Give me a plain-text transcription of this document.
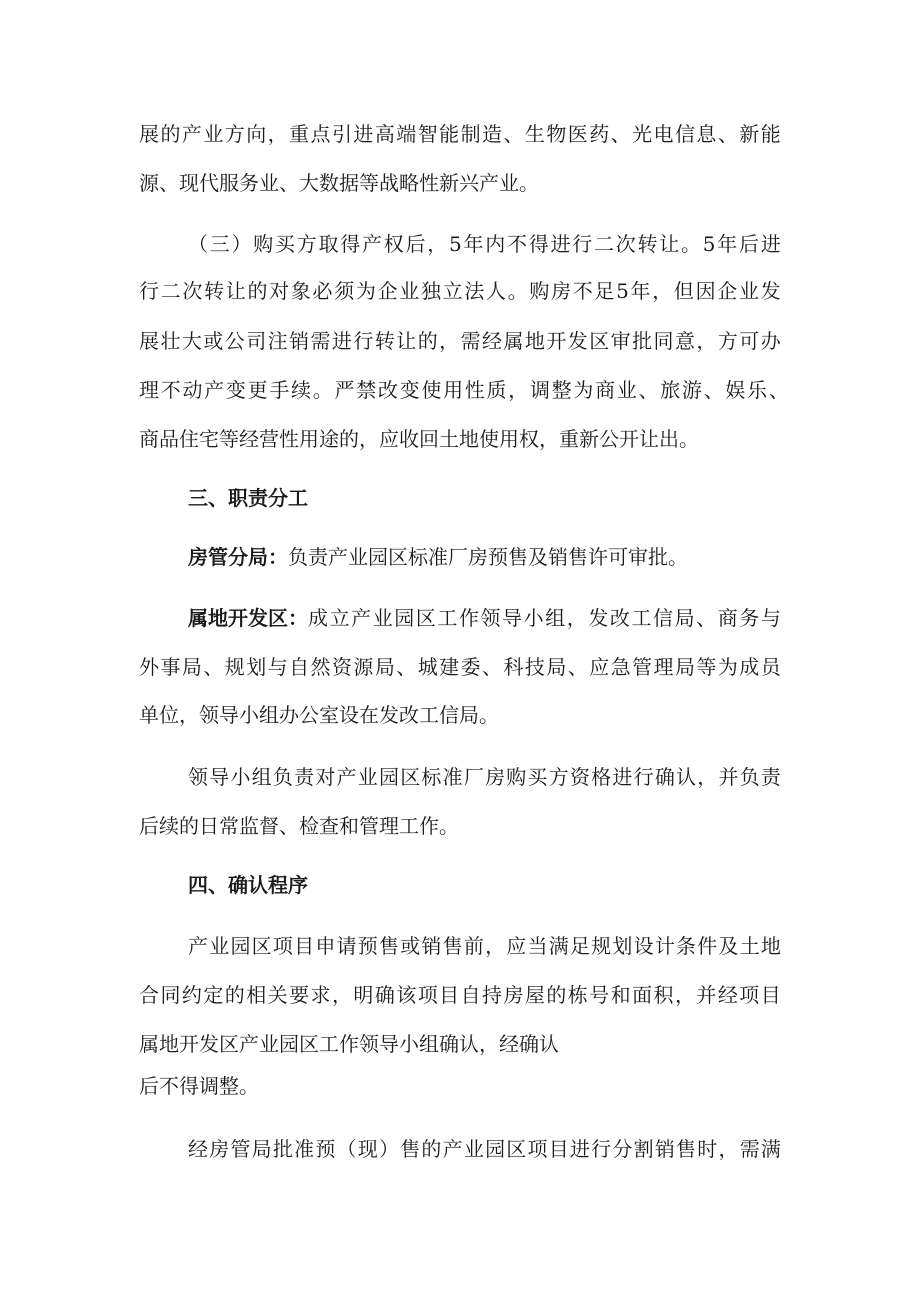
展 的 产 业 方 向 ， 重 点 引 进 高 端 智 能 制 造 、 生 物 医 药 、 光 电 信 息 、 新 能
源、现代服务业、大数据等战略性新兴产业。
（ 三 ） 购 买 方 取 得 产 权 后 ， 5 年 内 不 得 进 行 二 次 转 让 。 5 年 后 进
行 二 次 转 让 的 对 象 必 须 为 企 业 独 立 法 人 。 购 房 不 足 5 年 ， 但 因 企 业 发
展 壮 大 或 公 司 注 销 需 进 行 转 让 的 ， 需 经 属 地 开 发 区 审 批 同 意 ， 方 可 办
理 不 动 产 变 更 手 续 。 严 禁 改 变 使 用 性 质 ， 调 整 为 商 业 、 旅 游 、 娱 乐 、
商品住宅等经营性用途的，应收回土地使用权，重新公开让出。
三、职责分工
房管分局：负责产业园区标准厂房预售及销售许可审批。
属地开发区： 成 立 产 业 园 区 工 作 领 导 小 组 ， 发 改 工 信 局 、 商 务 与
外 事 局 、 规 划 与 自 然 资 源 局 、 城 建 委 、 科 技 局 、 应 急 管 理 局 等 为 成 员
单位，领导小组办公室设在发改工信局。
领 导 小 组 负 责 对 产 业 园 区 标 准 厂 房 购 买 方 资 格 进 行 确 认 ， 并 负 责
后续的日常监督、检查和管理工作。
四、确认程序
产 业 园 区 项 目 申 请 预 售 或 销 售 前 ， 应 当 满 足 规 划 设 计 条 件 及 土 地
合 同 约 定 的 相 关 要 求 ， 明 确 该 项 目 自 持 房 屋 的 栋 号 和 面 积 ， 并 经 项 目
属地开发区产业园区工作领导小组确认，经确认
后不得调整。
经 房 管 局 批 准 预 （ 现 ） 售 的 产 业 园 区 项 目 进 行 分 割 销 售 时 ， 需 满
